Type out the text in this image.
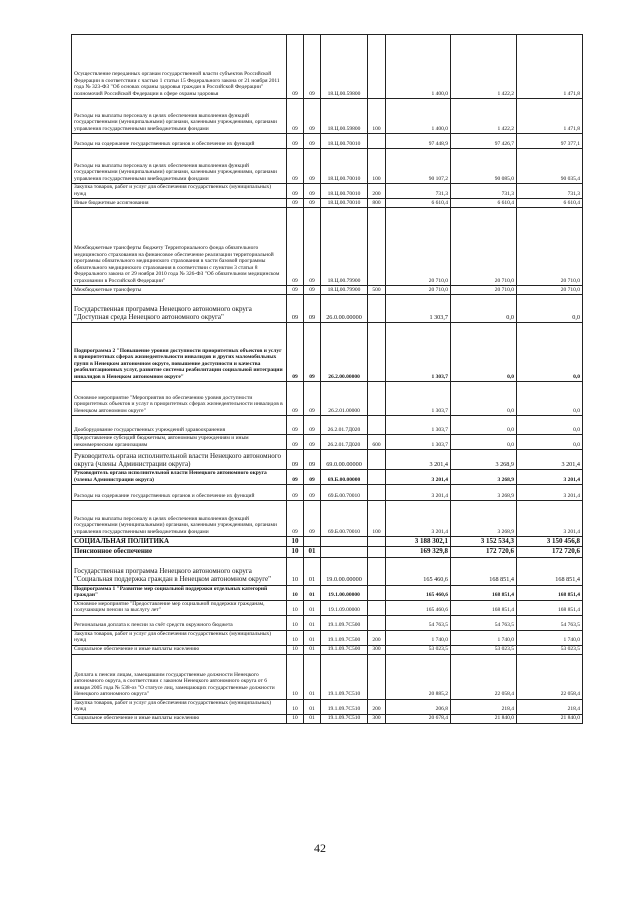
Осуществление переданных органам государственной власти субъектов Российской Федерации в соответствии с частью 1 статьи 15 Федерального закона от 21 ноября 2011 года № 323-ФЗ "Об основах охраны здоровья граждан в Российской Федерации" полномочий Российской Федерации в сфере охраны здоровья	09	09	18.Ц.00.59800		1 400,0	1 422,2	1 471,8
Расходы на выплаты персоналу в целях обеспечения выполнения функций государственными (муниципальными) органами, казенными учреждениями, органами управления государственными внебюджетными фондами	09	09	18.Ц.00.59800	100	1 400,0	1 422,2	1 471,8
Расходы на содержание государственных органов и обеспечение их функций	09	09	18.Ц.00.70010		97 448,9	97 426,7	97 377,1
Расходы на выплаты персоналу в целях обеспечения выполнения функций государственными (муниципальными) органами, казенными учреждениями, органами управления государственными внебюджетными фондами	09	09	18.Ц.00.70010	100	90 107,2	90 085,0	90 035,4
Закупка товаров, работ и услуг для обеспечения государственных (муниципальных) нужд	09	09	18.Ц.00.70010	200	731,3	731,3	731,3
Иные бюджетные ассигнования	09	09	18.Ц.00.70010	800	6 610,4	6 610,4	6 610,4
Межбюджетные трансферты бюджету Территориального фонда обязательного медицинского страхования на финансовое обеспечение реализации территориальной программы обязательного медицинского страхования в части базовой программы обязательного медицинского страхования в соответствии с пунктом 3 статьи 8 Федерального закона от 29 ноября 2010 года № 326-ФЗ "Об обязательном медицинском страховании в Российской Федерации"	09	09	18.Ц.00.79900		20 710,0	20 710,0	20 710,0
Межбюджетные трансферты	09	09	18.Ц.00.79900	500	20 710,0	20 710,0	20 710,0
Государственная программа Ненецкого автономного округа "Доступная среда Ненецкого автономного округа"	09	09	26.0.00.00000		1 303,7	0,0	0,0
Подпрограмма 2 "Повышение уровня доступности приоритетных объектов и услуг в приоритетных сферах жизнедеятельности инвалидов и других маломобильных групп в Ненецком автономном округе, повышение доступности и качества реабилитационных услуг, развитие системы реабилитации социальной интеграции инвалидов в Ненецком автономном округе"	09	09	26.2.00.00000		1 303,7	0,0	0,0
Основное мероприятие "Мероприятия по обеспечению уровня доступности приоритетных объектов и услуг в приоритетных сферах жизнедеятельности инвалидов в Ненецком автономном округе"	09	09	26.2.01.00000		1 303,7	0,0	0,0
Дооборудование государственных учреждений здравоохранения	09	09	26.2.01.7Д020		1 303,7	0,0	0,0
Предоставление субсидий бюджетным, автономным учреждениям и иным некоммерческим организациям	09	09	26.2.01.7Д020	600	1 303,7	0,0	0,0
Руководитель органа исполнительной власти Ненецкого автономного округа (члены Администрации округа)	09	09	69.0.00.00000		3 201,4	3 268,9	3 201,4
Руководитель органа исполнительной власти Ненецкого автономного округа (члены Администрации округа)	09	09	69.Б.00.00000		3 201,4	3 268,9	3 201,4
Расходы на содержание государственных органов и обеспечение их функций	09	09	69.Б.00.70010		3 201,4	3 268,9	3 201,4
Расходы на выплаты персоналу в целях обеспечения выполнения функций государственными (муниципальными) органами, казенными учреждениями, органами управления государственными внебюджетными фондами	09	09	69.Б.00.70010	100	3 201,4	3 268,9	3 201,4
СОЦИАЛЬНАЯ ПОЛИТИКА	10				3 188 302,1	3 152 534,3	3 150 456,8
Пенсионное обеспечение	10	01			169 329,8	172 720,6	172 720,6
Государственная программа Ненецкого автономного округа "Социальная поддержка граждан в Ненецком автономном округе"	10	01	19.0.00.00000		165 460,6	168 851,4	168 851,4
Подпрограмма 1 "Развитие мер социальной поддержки отдельных категорий граждан"	10	01	19.1.00.00000		165 460,6	168 851,4	168 851,4
Основное мероприятие "Предоставление мер социальной поддержки гражданам, получающим пенсии за выслугу лет"	10	01	19.1.09.00000		165 460,6	168 851,4	168 851,4
Региональная доплата к пенсии за счёт средств окружного бюджета	10	01	19.1.09.7С500		54 763,5	54 763,5	54 763,5
Закупка товаров, работ и услуг для обеспечения государственных (муниципальных) нужд	10	01	19.1.09.7С500	200	1 740,0	1 740,0	1 740,0
Социальное обеспечение и иные выплаты населению	10	01	19.1.09.7С500	300	53 023,5	53 023,5	53 023,5
Доплата к пенсии лицам, замещавшим государственные должности Ненецкого автономного округа, в соответствии с законом Ненецкого автономного округа от 6 января 2005 года № 538-оз "О статусе лиц, замещающих государственные должности Ненецкого автономного округа"	10	01	19.1.09.7С510		20 885,2	22 058,4	22 058,4
Закупка товаров, работ и услуг для обеспечения государственных (муниципальных) нужд	10	01	19.1.09.7С510	200	206,8	218,4	218,4
Социальное обеспечение и иные выплаты населению	10	01	19.1.09.7С510	300	20 678,4	21 840,0	21 840,0
42
